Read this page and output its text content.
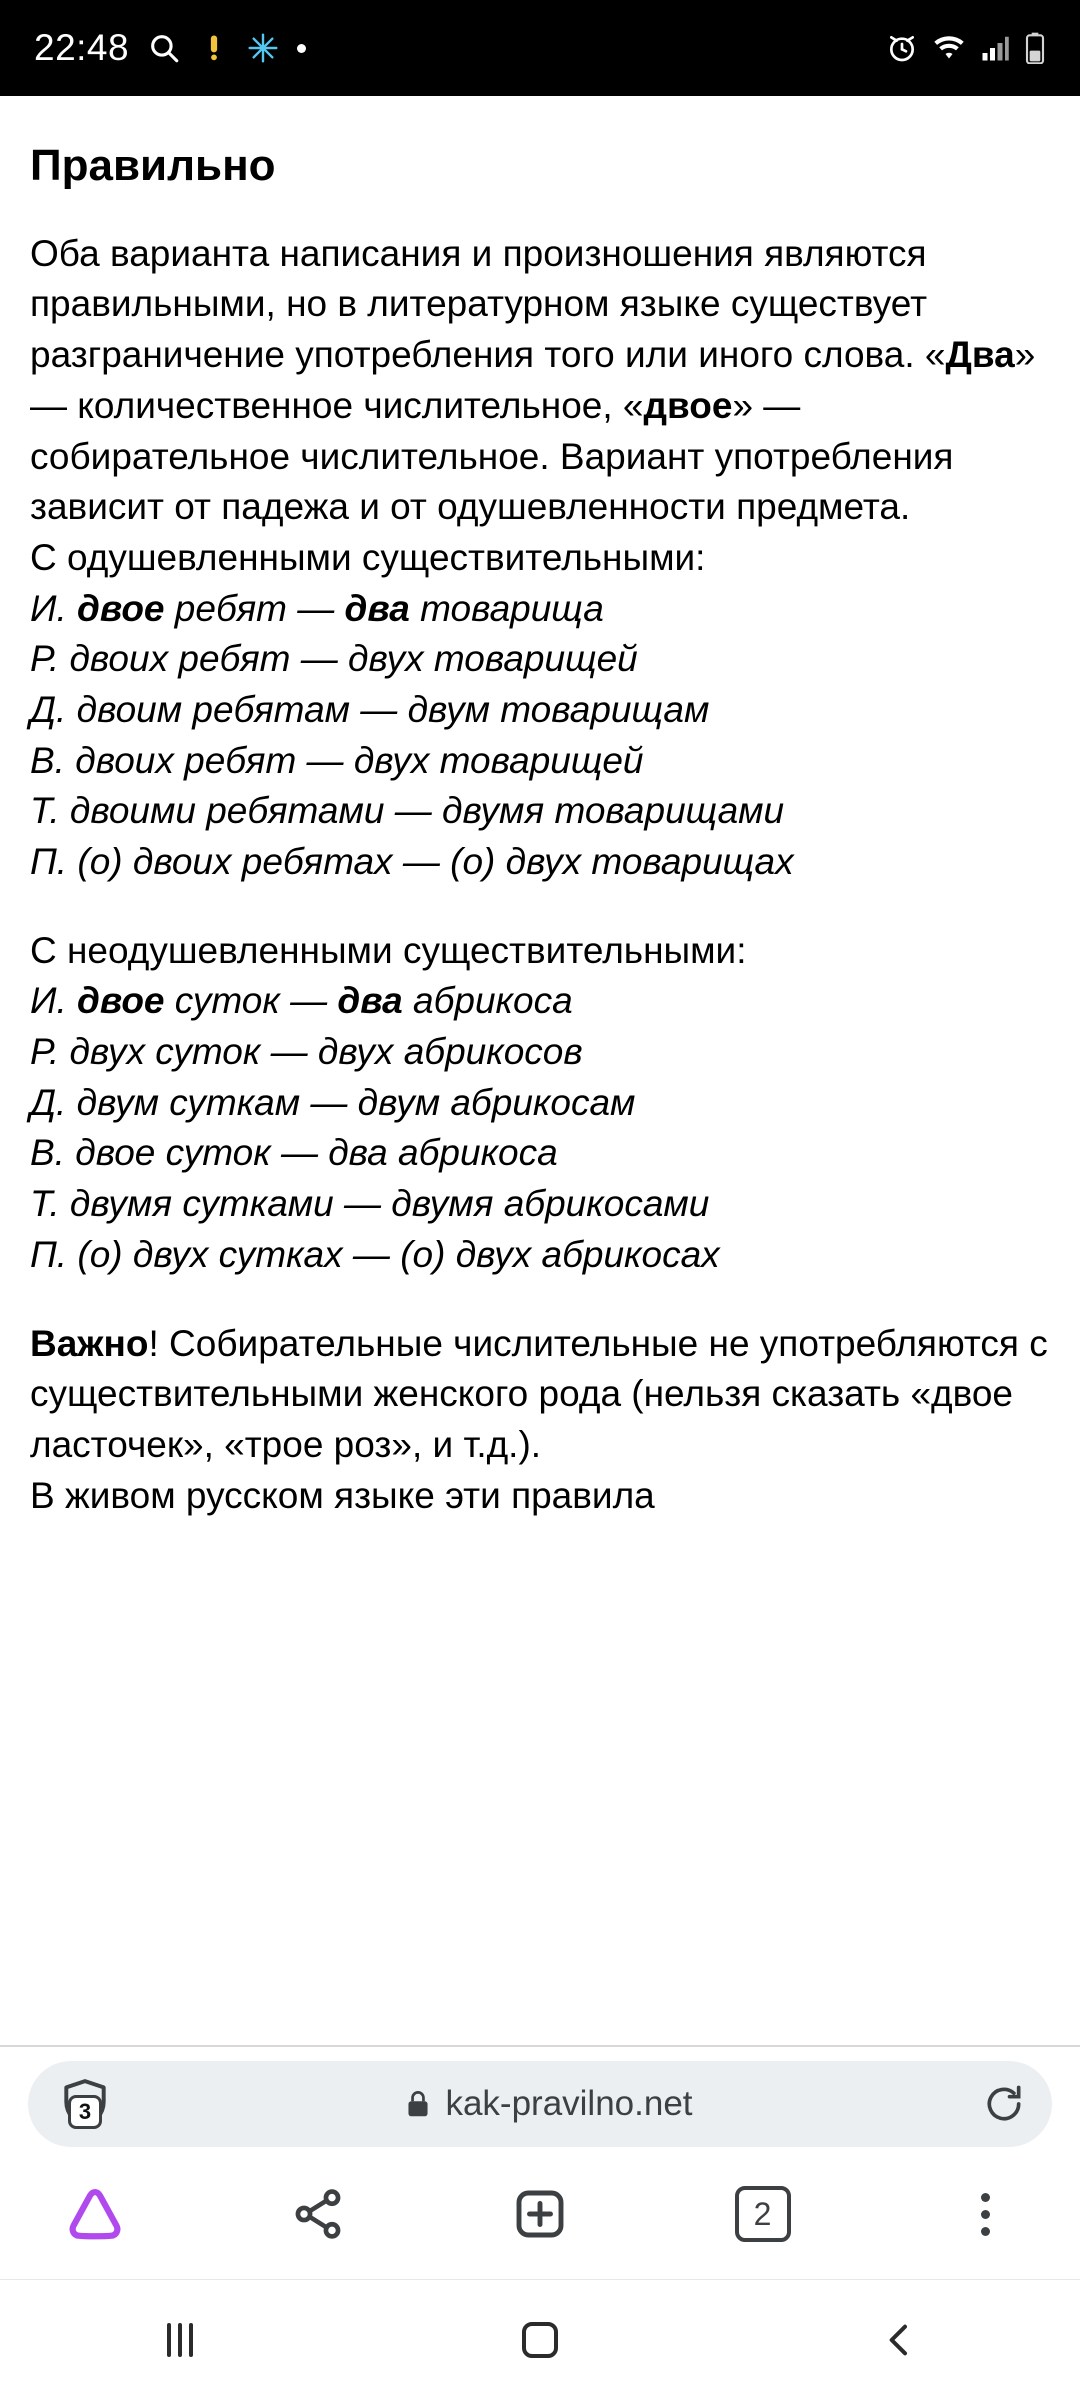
22:48
Правильно

Оба варианта написания и произношения являются правильными, но в литературном языке существует разграничение употребления того или иного слова. «Два» — количественное числительное, «двое» — собирательное числительное. Вариант употребления зависит от падежа и от одушевленности предмета.

С одушевленными существительными:

И. двое ребят — два товарища

Р. двоих ребят — двух товарищей

Д. двоим ребятам — двум товарищам

В. двоих ребят — двух товарищей

Т. двоими ребятами — двумя товарищами

П. (о) двоих ребятах — (о) двух товарищах

С неодушевленными существительными:

И. двое суток — два абрикоса

Р. двух суток — двух абрикосов

Д. двум суткам — двум абрикосам

В. двое суток — два абрикоса

Т. двумя сутками — двумя абрикосами

П. (о) двух сутках — (о) двух абрикосах

Важно! Собирательные числительные не употребляются с существительными женского рода (нельзя сказать «двое ласточек», «трое роз», и т.д.).

В живом русском языке эти правила

3	kak-pravilno.net
2
